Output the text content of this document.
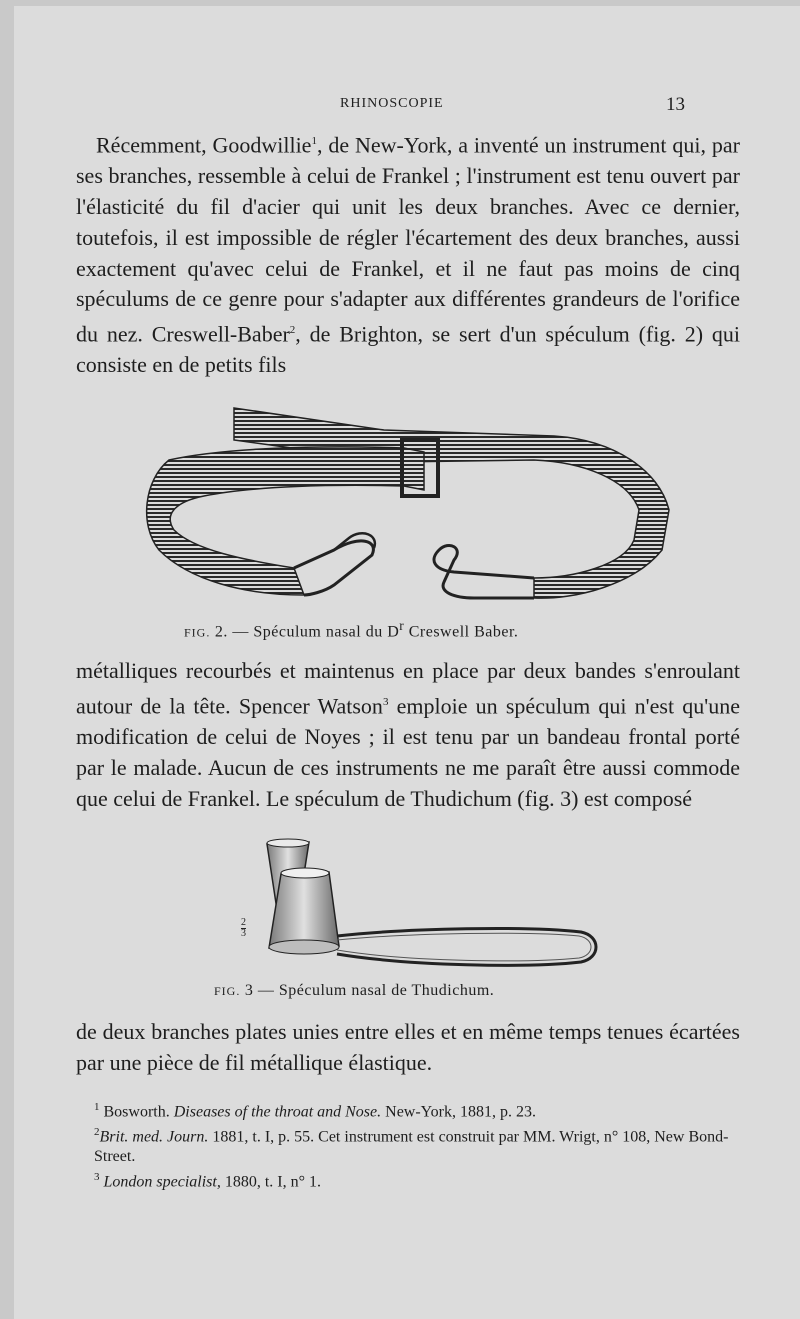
RHINOSCOPIE	13

Récemment, Goodwillie$^1$, de New-York, a inventé un instrument qui, par ses branches, ressemble à celui de Frankel ; l'instrument est tenu ouvert par l'élasticité du fil d'acier qui unit les deux branches. Avec ce dernier, toutefois, il est impossible de régler l'écartement des deux branches, aussi exactement qu'avec celui de Frankel, et il ne faut pas moins de cinq spéculums de ce genre pour s'adapter aux différentes grandeurs de l'orifice du nez. Creswell-Baber$^2$, de Brighton, se sert d'un spéculum (fig. 2) qui consiste en de petits fils

FIG. 2. — Spéculum nasal du $D^r$ Creswell Baber.

métalliques recourbés et maintenus en place par deux bandes s'enroulant autour de la tête. Spencer Watson$^3$ emploie un spéculum qui n'est qu'une modification de celui de Noyes ; il est tenu par un bandeau frontal porté par le malade. Aucun de ces instruments ne me paraît être aussi commode que celui de Frankel. Le spéculum de Thudichum (fig. 3) est composé

$\frac{2}{3}$
FIG. 3 — Spéculum nasal de Thudichum.

de deux branches plates unies entre elles et en même temps tenues écartées par une pièce de fil métallique élastique.

$^1$ Bosworth. Diseases of the throat and Nose. New-York, 1881, p. 23.

$^2$Brit. med. Journ. 1881, t. I, p. 55. Cet instrument est construit par MM. Wrigt, n° 108, New Bond-Street.

$^3$ London specialist, 1880, t. I, n° 1.
